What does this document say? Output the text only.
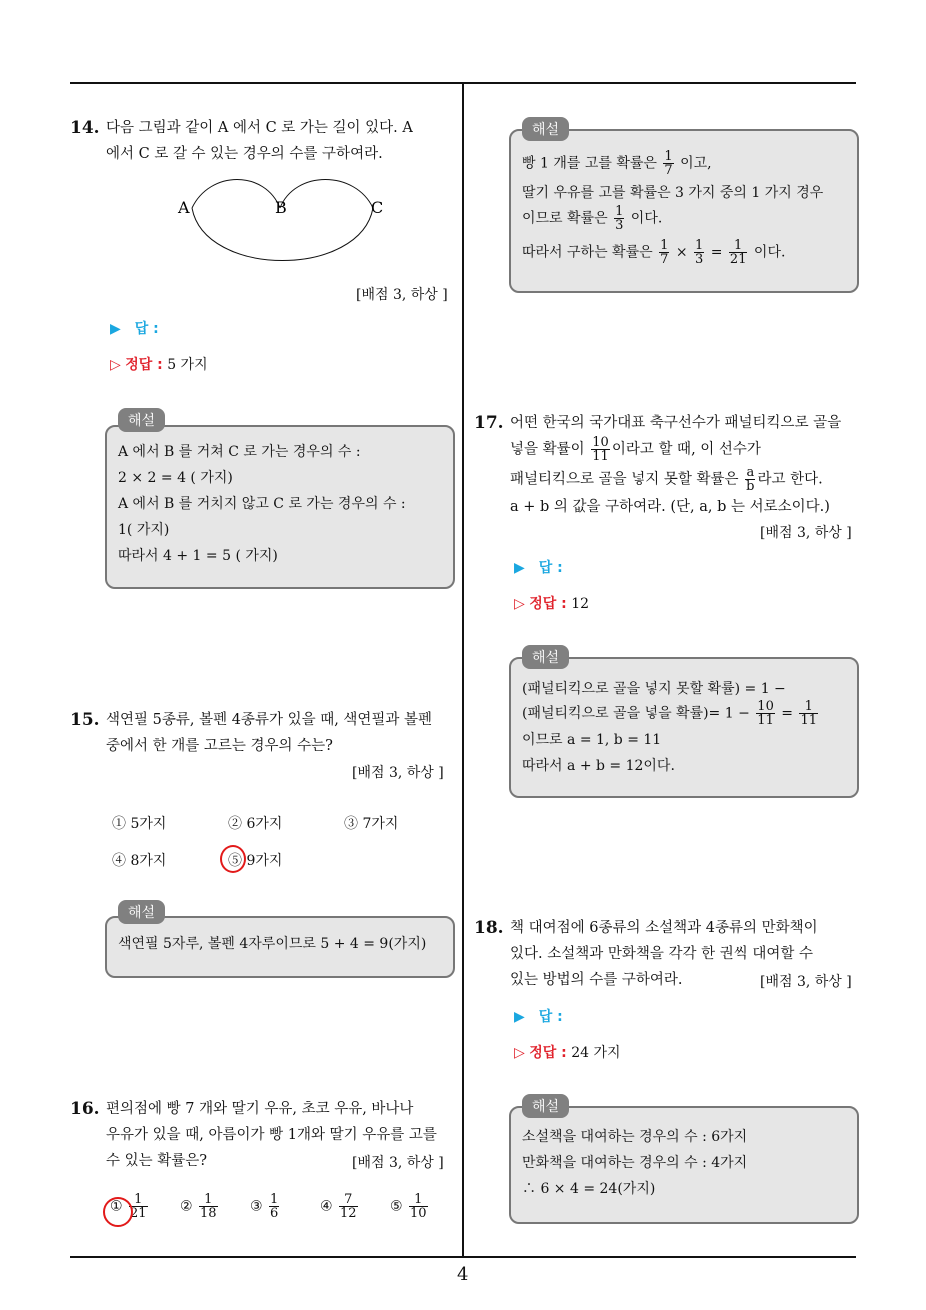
14. 다음 그림과 같이 A 에서 C 로 가는 길이 있다. A
에서 C 로 갈 수 있는 경우의 수를 구하여라.
A	B	C
[배점 3, 하상 ]
▶ 답 :
▷ 정답 : 5 가지
해설
A 에서 B 를 거쳐 C 로 가는 경우의 수 :
2 × 2 = 4 ( 가지)
A 에서 B 를 거치지 않고 C 로 가는 경우의 수 :
1( 가지)
따라서 4 + 1 = 5 ( 가지)
15. 색연필 5종류, 볼펜 4종류가 있을 때, 색연필과 볼펜
중에서 한 개를 고르는 경우의 수는?
[배점 3, 하상 ]
① 5가지	② 6가지	③ 7가지
④ 8가지	⑤ 9가지
해설
색연필 5자루, 볼펜 4자루이므로 5 + 4 = 9(가지)
16. 편의점에 빵 7 개와 딸기 우유, 초코 우유, 바나나
우유가 있을 때, 아름이가 빵 1개와 딸기 우유를 고를
수 있는 확률은?	[배점 3, 하상 ]
① $\frac{1}{21}$ ② $\frac{1}{18}$ ③ $\frac{1}{6}$	④ $\frac{7}{12}$ ⑤ $\frac{1}{10}$
해설
빵 1 개를 고를 확률은 $\frac{1}{7}$ 이고,
딸기 우유를 고를 확률은 3 가지 중의 1 가지 경우
이므로 확률은 $\frac{1}{3}$ 이다.
따라서 구하는 확률은 $\frac{1}{7} \times \frac{1}{3} = \frac{1}{21}$ 이다.
17. 어떤 한국의 국가대표 축구선수가 패널티킥으로 골을
넣을 확률이 $\frac{10}{11}$ 이라고 할 때, 이 선수가
패널티킥으로 골을 넣지 못할 확률은 $\frac{a}{b}$ 라고 한다.
a + b 의 값을 구하여라. (단, a, b 는 서로소이다.)
[배점 3, 하상 ]
▶ 답 :
▷ 정답 : 12
해설
(패널티킥으로 골을 넣지 못할 확률) = 1 −
(패널티킥으로 골을 넣을 확률)= $1 - \frac{10}{11} = \frac{1}{11}$
이므로 a = 1, b = 11
따라서 a + b = 12이다.
18. 책 대여점에 6종류의 소설책과 4종류의 만화책이
있다. 소설책과 만화책을 각각 한 권씩 대여할 수
있는 방법의 수를 구하여라.	[배점 3, 하상 ]
▶ 답 :
▷ 정답 : 24 가지
해설
소설책을 대여하는 경우의 수 : 6가지
만화책을 대여하는 경우의 수 : 4가지
∴ 6 × 4 = 24(가지)
4
